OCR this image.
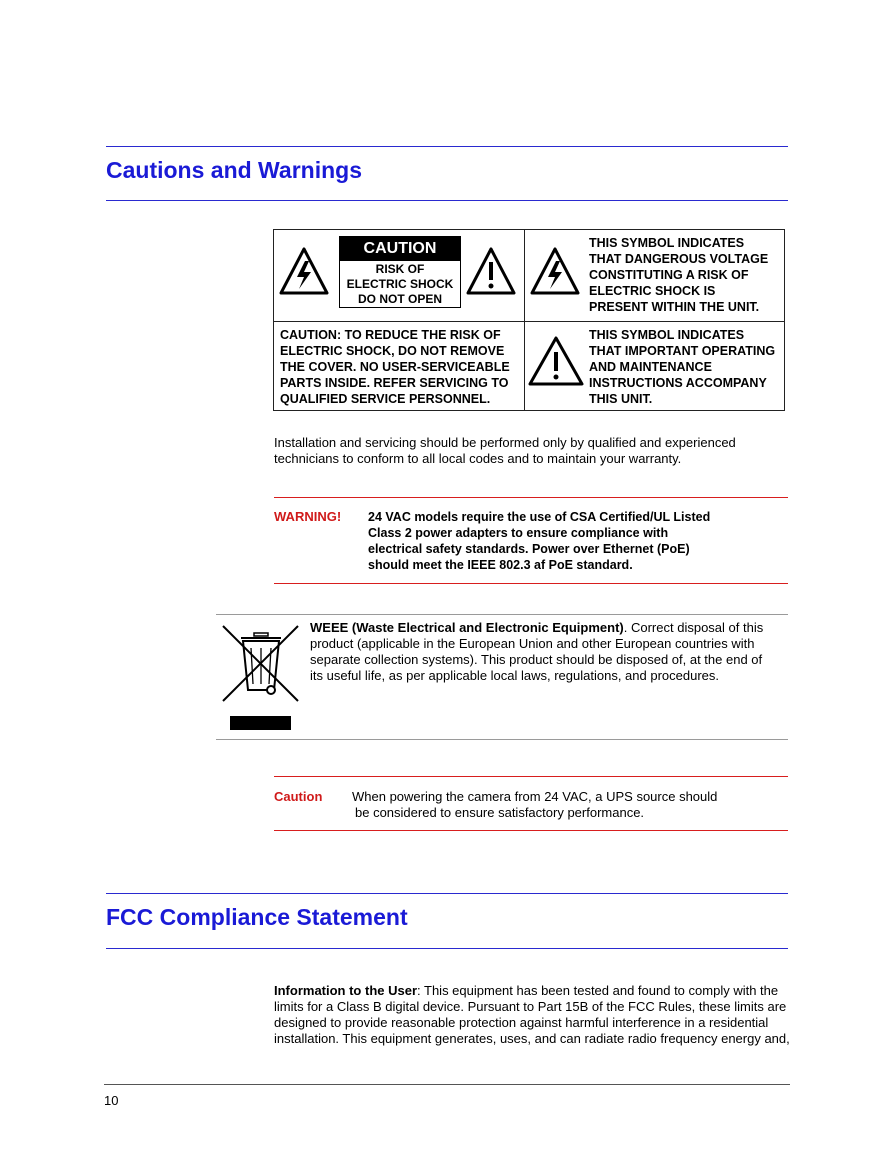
Cautions and Warnings
CAUTION
RISK OF
ELECTRIC SHOCK
DO NOT OPEN
THIS SYMBOL INDICATES
THAT DANGEROUS VOLTAGE
CONSTITUTING A RISK OF
ELECTRIC SHOCK IS
PRESENT WITHIN THE UNIT.
CAUTION: TO REDUCE THE RISK OF
ELECTRIC SHOCK, DO NOT REMOVE
THE COVER. NO USER-SERVICEABLE
PARTS INSIDE. REFER SERVICING TO
QUALIFIED SERVICE PERSONNEL.
THIS SYMBOL INDICATES
THAT IMPORTANT OPERATING
AND MAINTENANCE
INSTRUCTIONS ACCOMPANY
THIS UNIT.
Installation and servicing should be performed only by qualified and experienced
technicians to conform to all local codes and to maintain your warranty.
WARNING! 24 VAC models require the use of CSA Certified/UL Listed
Class 2 power adapters to ensure compliance with
electrical safety standards. Power over Ethernet (PoE)
should meet the IEEE 802.3 af PoE standard.
WEEE (Waste Electrical and Electronic Equipment). Correct disposal of this
product (applicable in the European Union and other European countries with
separate collection systems). This product should be disposed of, at the end of
its useful life, as per applicable local laws, regulations, and procedures.
Caution When powering the camera from 24 VAC, a UPS source should
be considered to ensure satisfactory performance.
FCC Compliance Statement
Information to the User: This equipment has been tested and found to comply with the
limits for a Class B digital device. Pursuant to Part 15B of the FCC Rules, these limits are
designed to provide reasonable protection against harmful interference in a residential
installation. This equipment generates, uses, and can radiate radio frequency energy and,
10
